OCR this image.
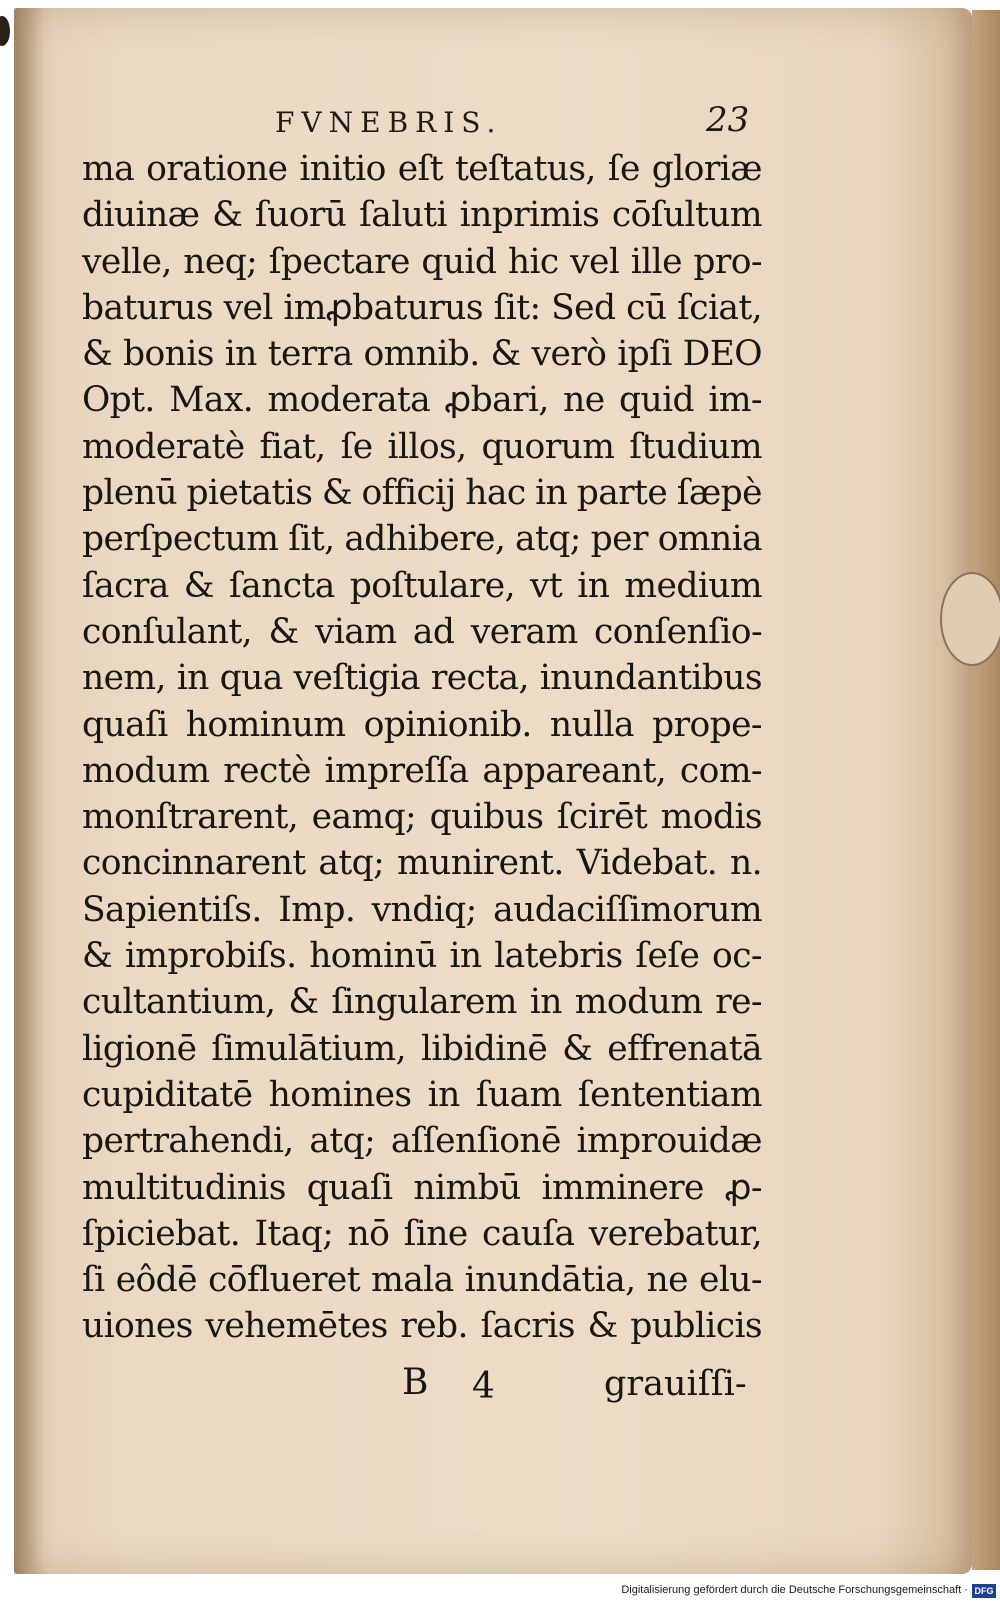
FVNEBRIS.	23
ma oratione initio eſt teſtatus, ſe gloriæ
diuinæ & ſuorū ſaluti inprimis cōſultum
velle, neq; ſpectare quid hic vel ille pro-
baturus vel imꝓbaturus ſit: Sed cū ſciat,
& bonis in terra omnib. & verò ipſi DEO
Opt. Max. moderata ꝓbari, ne quid im-
moderatè fiat, ſe illos, quorum ſtudium
plenū pietatis & officij hac in parte ſæpè
perſpectum ſit, adhibere, atq; per omnia
ſacra & ſancta poſtulare, vt in medium
conſulant, & viam ad veram conſenſio-
nem, in qua veſtigia recta, inundantibus
quaſi hominum opinionib. nulla prope-
modum rectè impreſſa appareant, com-
monſtrarent, eamq; quibus ſcirēt modis
concinnarent atq; munirent. Videbat. n.
Sapientiſs. Imp. vndiq; audaciſſimorum
& improbiſs. hominū in latebris ſeſe oc-
cultantium, & ſingularem in modum re-
ligionē ſimulātium, libidinē & effrenatā
cupiditatē homines in ſuam ſententiam
pertrahendi, atq; aſſenſionē improuidæ
multitudinis quaſi nimbū imminere ꝓ-
ſpiciebat. Itaq; nō ſine cauſa verebatur,
ſi eôdē cōflueret mala inundātia, ne elu-
uiones vehemētes reb. ſacris & publicis
B 4	grauiſſi-
Digitalisierung gefördert durch die Deutsche Forschungsgemeinschaft · DFG
